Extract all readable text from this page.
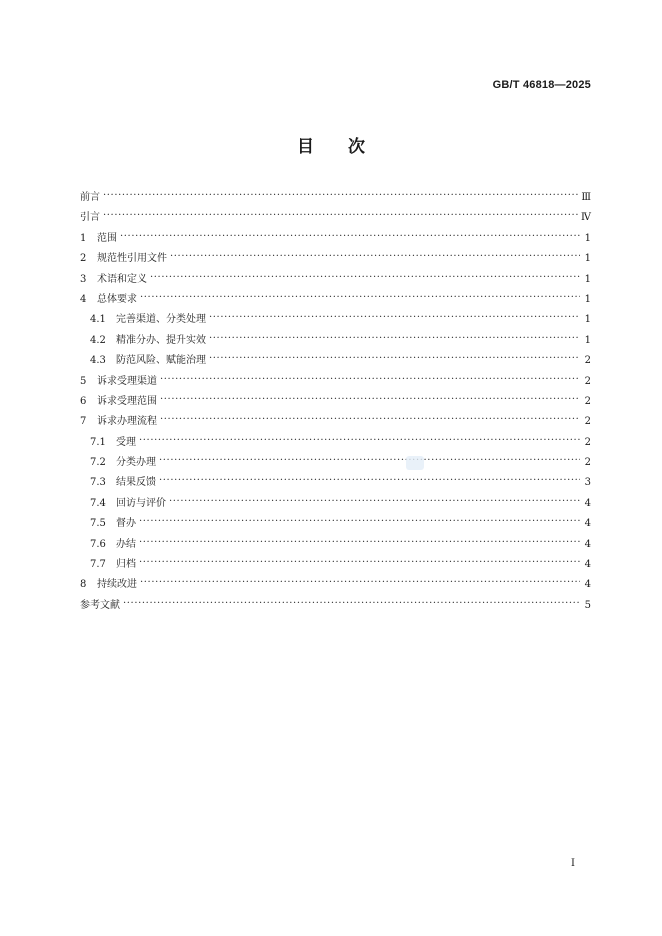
GB/T 46818—2025
目次
前言 ·····	Ⅲ
引言 ·····	Ⅳ
1	范围 ·····	1
2	规范性引用文件 ·····	1
3	术语和定义 ·····	1
4	总体要求 ·····	1
4.1	完善渠道、分类处理 ·····	1
4.2	精准分办、提升实效 ·····	1
4.3	防范风险、赋能治理 ·····	2
5	诉求受理渠道 ·····	2
6	诉求受理范围 ·····	2
7	诉求办理流程 ·····	2
7.1	受理 ·····	2
7.2	分类办理 ·····	2
7.3	结果反馈 ·····	3
7.4	回访与评价 ·····	4
7.5	督办 ·····	4
7.6	办结 ·····	4
7.7	归档 ·····	4
8	持续改进 ·····	4
参考文献 ·····	5
I
